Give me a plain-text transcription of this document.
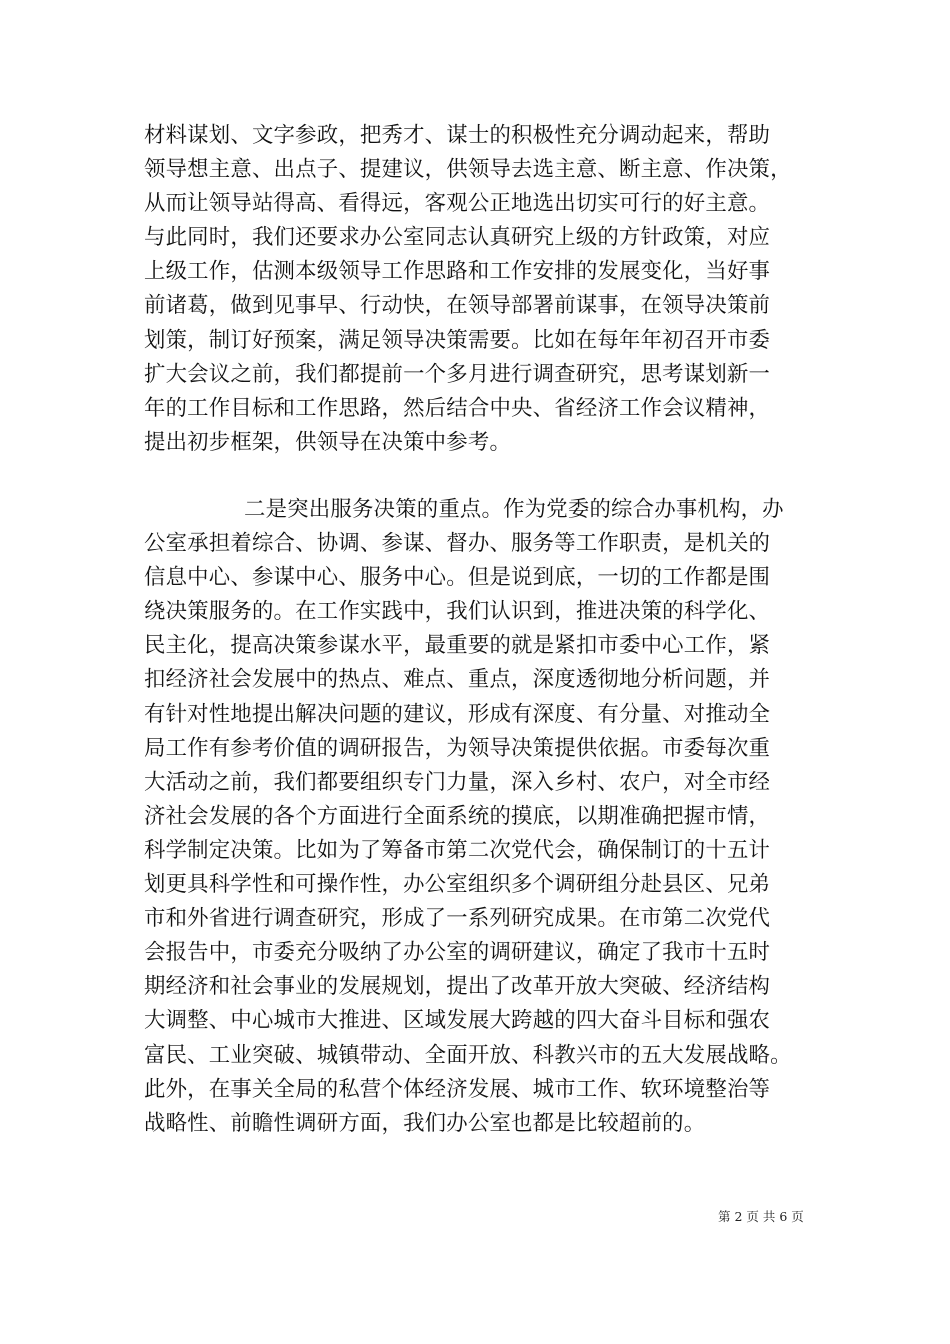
材料谋划、文字参政，把秀才、谋士的积极性充分调动起来，帮助
领导想主意、出点子、提建议，供领导去选主意、断主意、作决策，
从而让领导站得高、看得远，客观公正地选出切实可行的好主意。
与此同时，我们还要求办公室同志认真研究上级的方针政策，对应
上级工作，估测本级领导工作思路和工作安排的发展变化，当好事
前诸葛，做到见事早、行动快，在领导部署前谋事，在领导决策前
划策，制订好预案，满足领导决策需要。比如在每年年初召开市委
扩大会议之前，我们都提前一个多月进行调查研究，思考谋划新一
年的工作目标和工作思路，然后结合中央、省经济工作会议精神，
提出初步框架，供领导在决策中参考。
二是突出服务决策的重点。作为党委的综合办事机构，办
公室承担着综合、协调、参谋、督办、服务等工作职责，是机关的
信息中心、参谋中心、服务中心。但是说到底，一切的工作都是围
绕决策服务的。在工作实践中，我们认识到，推进决策的科学化、
民主化，提高决策参谋水平，最重要的就是紧扣市委中心工作，紧
扣经济社会发展中的热点、难点、重点，深度透彻地分析问题，并
有针对性地提出解决问题的建议，形成有深度、有分量、对推动全
局工作有参考价值的调研报告，为领导决策提供依据。市委每次重
大活动之前，我们都要组织专门力量，深入乡村、农户，对全市经
济社会发展的各个方面进行全面系统的摸底，以期准确把握市情，
科学制定决策。比如为了筹备市第二次党代会，确保制订的十五计
划更具科学性和可操作性，办公室组织多个调研组分赴县区、兄弟
市和外省进行调查研究，形成了一系列研究成果。在市第二次党代
会报告中，市委充分吸纳了办公室的调研建议，确定了我市十五时
期经济和社会事业的发展规划，提出了改革开放大突破、经济结构
大调整、中心城市大推进、区域发展大跨越的四大奋斗目标和强农
富民、工业突破、城镇带动、全面开放、科教兴市的五大发展战略。
此外，在事关全局的私营个体经济发展、城市工作、软环境整治等
战略性、前瞻性调研方面，我们办公室也都是比较超前的。
第 2 页 共 6 页
